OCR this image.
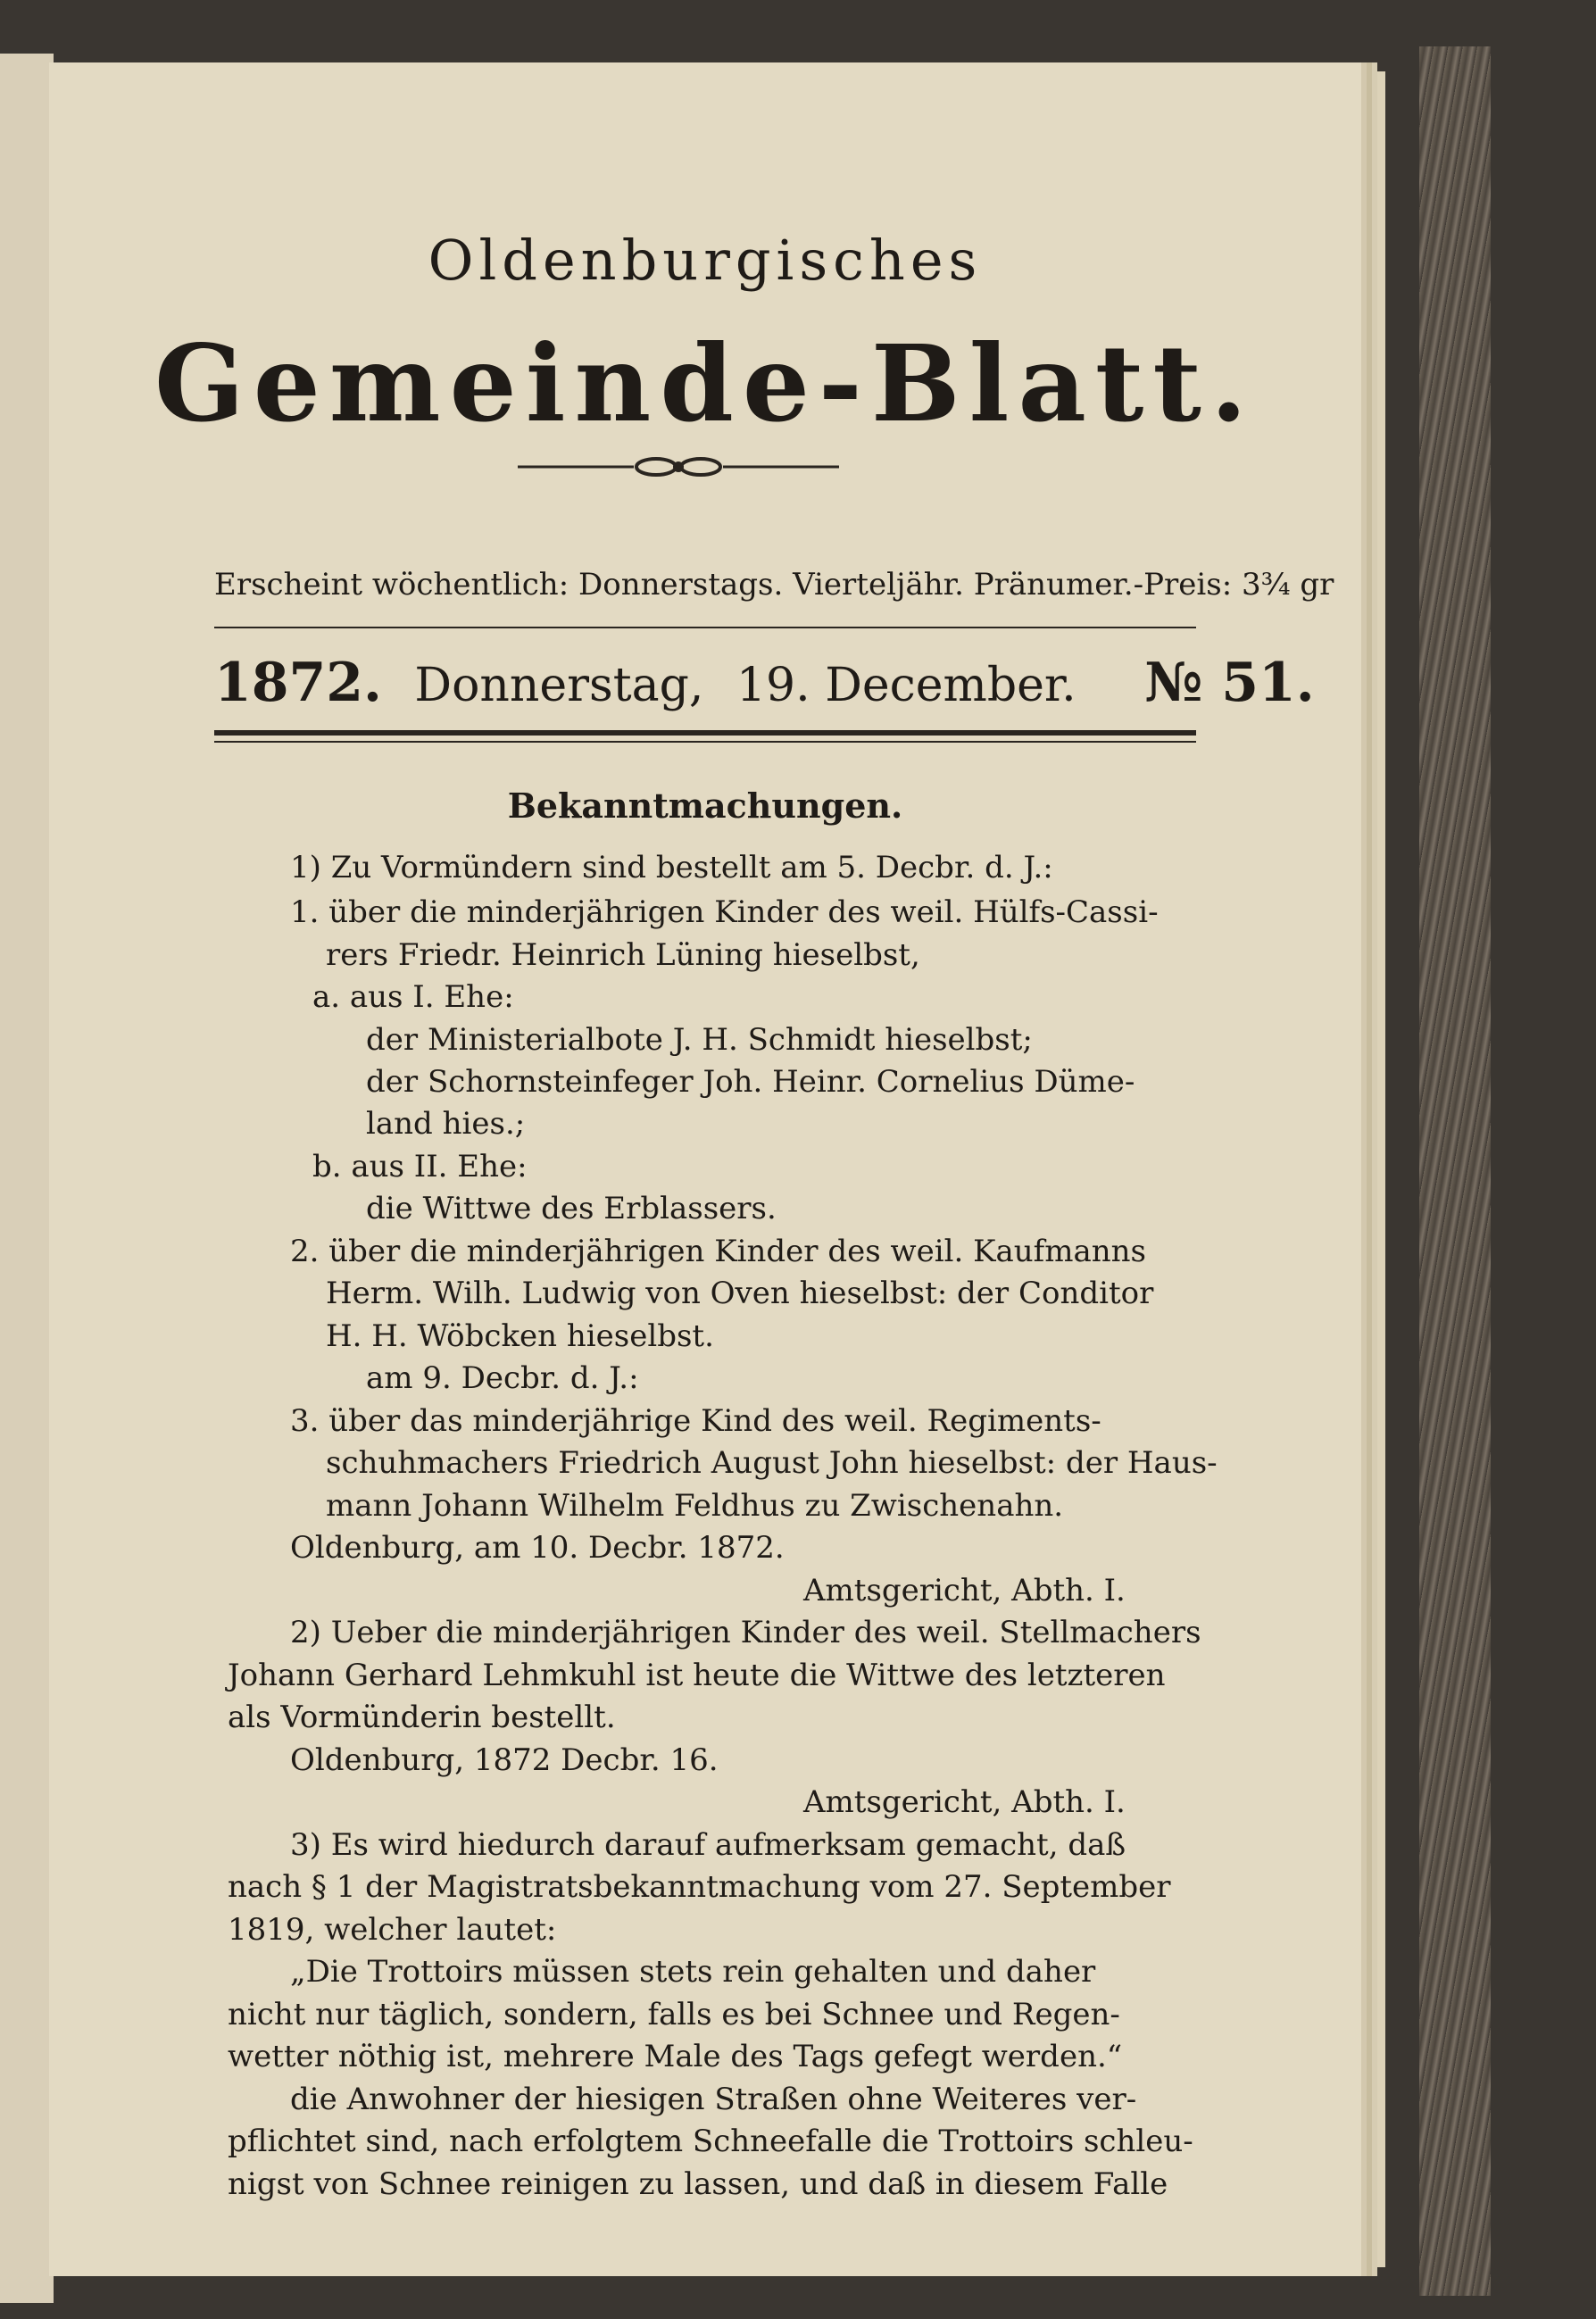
Oldenburgisches
Gemeinde-Blatt.
Erscheint wöchentlich: Donnerstags. Vierteljähr. Pränumer.-Preis: 3¾ gr
1872. Donnerstag, 19. December. № 51.
Bekanntmachungen.
1) Zu Vormündern sind bestellt am 5. Decbr. d. J.:
1. über die minderjährigen Kinder des weil. Hülfs-Cassi-
rers Friedr. Heinrich Lüning hieselbst,
a. aus I. Ehe:
der Ministerialbote J. H. Schmidt hieselbst;
der Schornsteinfeger Joh. Heinr. Cornelius Düme-
land hies.;
b. aus II. Ehe:
die Wittwe des Erblassers.
2. über die minderjährigen Kinder des weil. Kaufmanns
Herm. Wilh. Ludwig von Oven hieselbst: der Conditor
H. H. Wöbcken hieselbst.
am 9. Decbr. d. J.:
3. über das minderjährige Kind des weil. Regiments-
schuhmachers Friedrich August John hieselbst: der Haus-
mann Johann Wilhelm Feldhus zu Zwischenahn.
Oldenburg, am 10. Decbr. 1872.
Amtsgericht, Abth. I.
2) Ueber die minderjährigen Kinder des weil. Stellmachers
Johann Gerhard Lehmkuhl ist heute die Wittwe des letzteren
als Vormünderin bestellt.
Oldenburg, 1872 Decbr. 16.
Amtsgericht, Abth. I.
3) Es wird hiedurch darauf aufmerksam gemacht, daß
nach § 1 der Magistratsbekanntmachung vom 27. September
1819, welcher lautet:
„Die Trottoirs müssen stets rein gehalten und daher
nicht nur täglich, sondern, falls es bei Schnee und Regen-
wetter nöthig ist, mehrere Male des Tags gefegt werden.“
die Anwohner der hiesigen Straßen ohne Weiteres ver-
pflichtet sind, nach erfolgtem Schneefalle die Trottoirs schleu-
nigst von Schnee reinigen zu lassen, und daß in diesem Falle
